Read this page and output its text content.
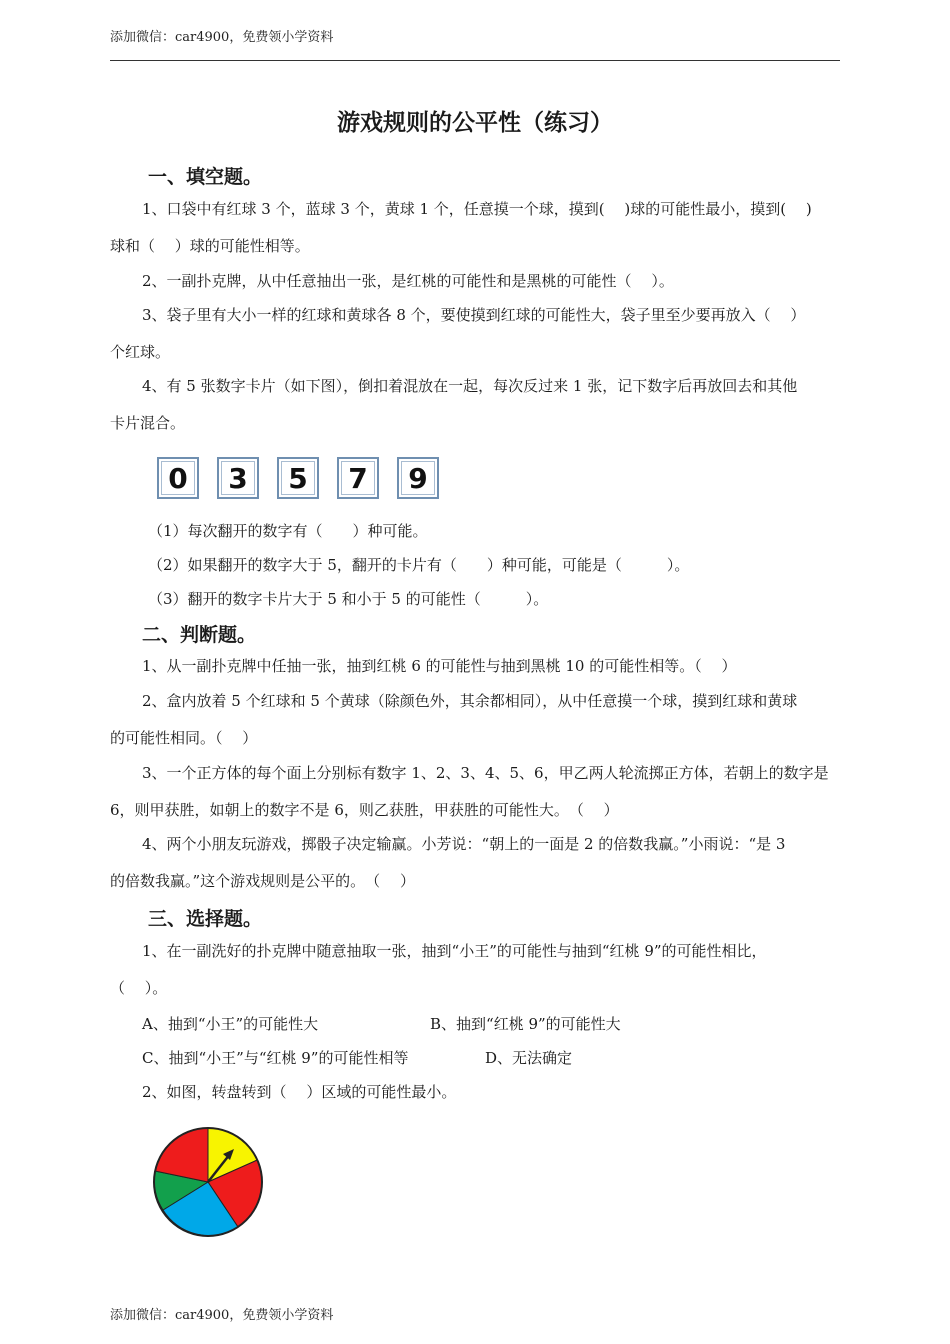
添加微信：car4900，免费领小学资料
添加微信：car4900，免费领小学资料
游戏规则的公平性（练习）
一、填空题。
1、口袋中有红球 3 个，蓝球 3 个，黄球 1 个，任意摸一个球，摸到(　 )球的可能性最小，摸到(　 )
球和（　 ）球的可能性相等。
2、一副扑克牌，从中任意抽出一张，是红桃的可能性和是黑桃的可能性（　 ）。
3、袋子里有大小一样的红球和黄球各 8 个，要使摸到红球的可能性大，袋子里至少要再放入（　 ）
个红球。
4、有 5 张数字卡片（如下图），倒扣着混放在一起，每次反过来 1 张，记下数字后再放回去和其他
卡片混合。
0 3 5 7 9
（1）每次翻开的数字有（　　）种可能。
（2）如果翻开的数字大于 5，翻开的卡片有（　　）种可能，可能是（　　　）。
（3）翻开的数字卡片大于 5 和小于 5 的可能性（　　　）。
二、判断题。
1、从一副扑克牌中任抽一张，抽到红桃 6 的可能性与抽到黑桃 10 的可能性相等。（　 ）
2、盒内放着 5 个红球和 5 个黄球（除颜色外，其余都相同），从中任意摸一个球，摸到红球和黄球
的可能性相同。（　 ）
3、一个正方体的每个面上分别标有数字 1、2、3、4、5、6，甲乙两人轮流掷正方体，若朝上的数字是
6，则甲获胜，如朝上的数字不是 6，则乙获胜，甲获胜的可能性大。　（　 ）
4、两个小朋友玩游戏，掷骰子决定输赢。小芳说：“朝上的一面是 2 的倍数我赢。”小雨说：“是 3
的倍数我赢。”这个游戏规则是公平的。　（　 ）
三、选择题。
1、在一副洗好的扑克牌中随意抽取一张，抽到“小王”的可能性与抽到“红桃 9”的可能性相比，
（　 ）。
A、抽到“小王”的可能性大	B、抽到“红桃 9”的可能性大
C、抽到“小王”与“红桃 9”的可能性相等	D、无法确定
2、如图，转盘转到（　 ）区域的可能性最小。
